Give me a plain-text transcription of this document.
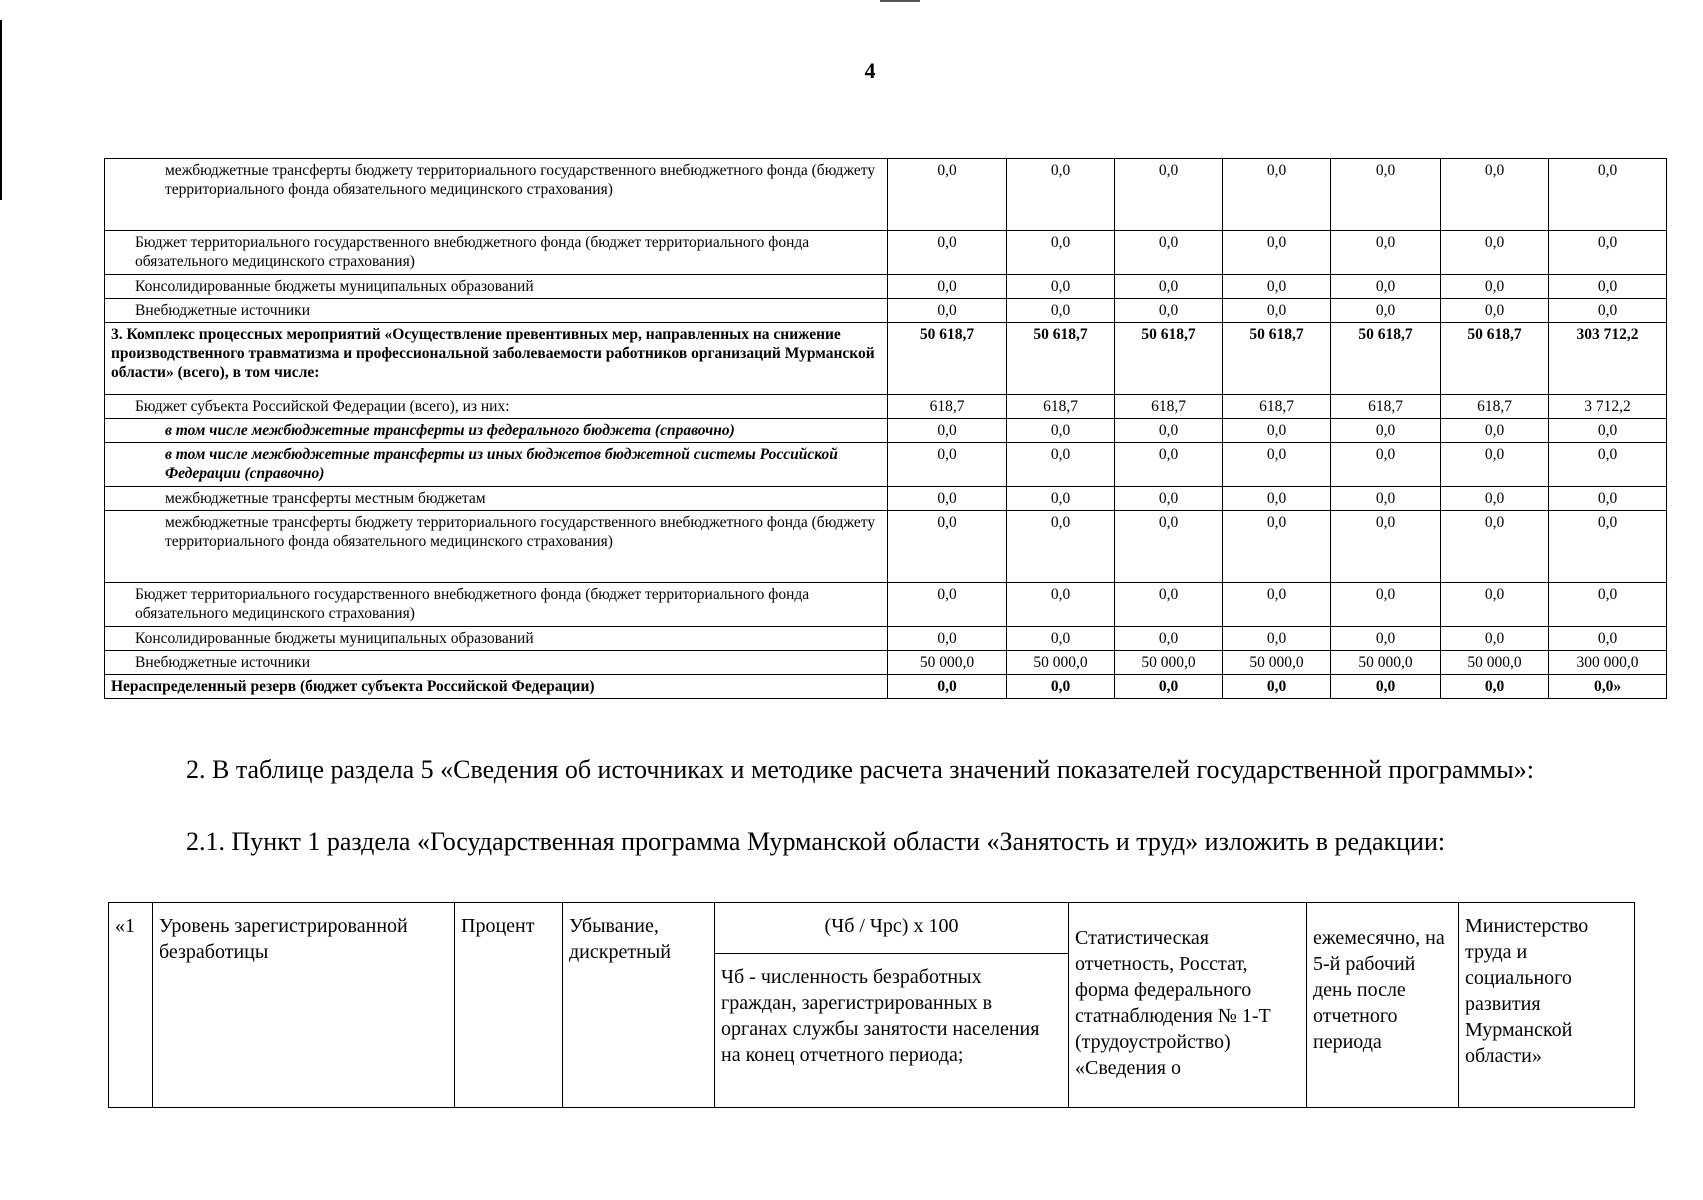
4
межбюджетные трансферты бюджету территориального государственного внебюджетного фонда (бюджету территориального фонда обязательного медицинского страхования)	0,0	0,0	0,0	0,0	0,0	0,0	0,0
Бюджет территориального государственного внебюджетного фонда (бюджет территориального фонда обязательного медицинского страхования)	0,0	0,0	0,0	0,0	0,0	0,0	0,0
Консолидированные бюджеты муниципальных образований	0,0	0,0	0,0	0,0	0,0	0,0	0,0
Внебюджетные источники	0,0	0,0	0,0	0,0	0,0	0,0	0,0
3. Комплекс процессных мероприятий «Осуществление превентивных мер, направленных на снижение производственного травматизма и профессиональной заболеваемости работников организаций Мурманской области» (всего), в том числе:	50 618,7	50 618,7	50 618,7	50 618,7	50 618,7	50 618,7	303 712,2
Бюджет субъекта Российской Федерации (всего), из них:	618,7	618,7	618,7	618,7	618,7	618,7	3 712,2
в том числе межбюджетные трансферты из федерального бюджета (справочно)	0,0	0,0	0,0	0,0	0,0	0,0	0,0
в том числе межбюджетные трансферты из иных бюджетов бюджетной системы Российской Федерации (справочно)	0,0	0,0	0,0	0,0	0,0	0,0	0,0
межбюджетные трансферты местным бюджетам	0,0	0,0	0,0	0,0	0,0	0,0	0,0
межбюджетные трансферты бюджету территориального государственного внебюджетного фонда (бюджету территориального фонда обязательного медицинского страхования)	0,0	0,0	0,0	0,0	0,0	0,0	0,0
Бюджет территориального государственного внебюджетного фонда (бюджет территориального фонда обязательного медицинского страхования)	0,0	0,0	0,0	0,0	0,0	0,0	0,0
Консолидированные бюджеты муниципальных образований	0,0	0,0	0,0	0,0	0,0	0,0	0,0
Внебюджетные источники	50 000,0	50 000,0	50 000,0	50 000,0	50 000,0	50 000,0	300 000,0
Нераспределенный резерв (бюджет субъекта Российской Федерации)	0,0	0,0	0,0	0,0	0,0	0,0	0,0»
2. В таблице раздела 5 «Сведения об источниках и методике расчета значений показателей государственной программы»:
2.1. Пункт 1 раздела «Государственная программа Мурманской области «Занятость и труд» изложить в редакции:
«1	Уровень зарегистрированной безработицы	Процент	Убывание, дискретный	(Чб / Чрс) х 100	Статистическая отчетность, Росстат, форма федерального статнаблюдения № 1-Т (трудоустройство) «Сведения о	ежемесячно, на 5-й рабочий день после отчетного периода	Министерство труда и социального развития Мурманской области»
Чб - численность безработных граждан, зарегистрированных в органах службы занятости населения на конец отчетного периода;
